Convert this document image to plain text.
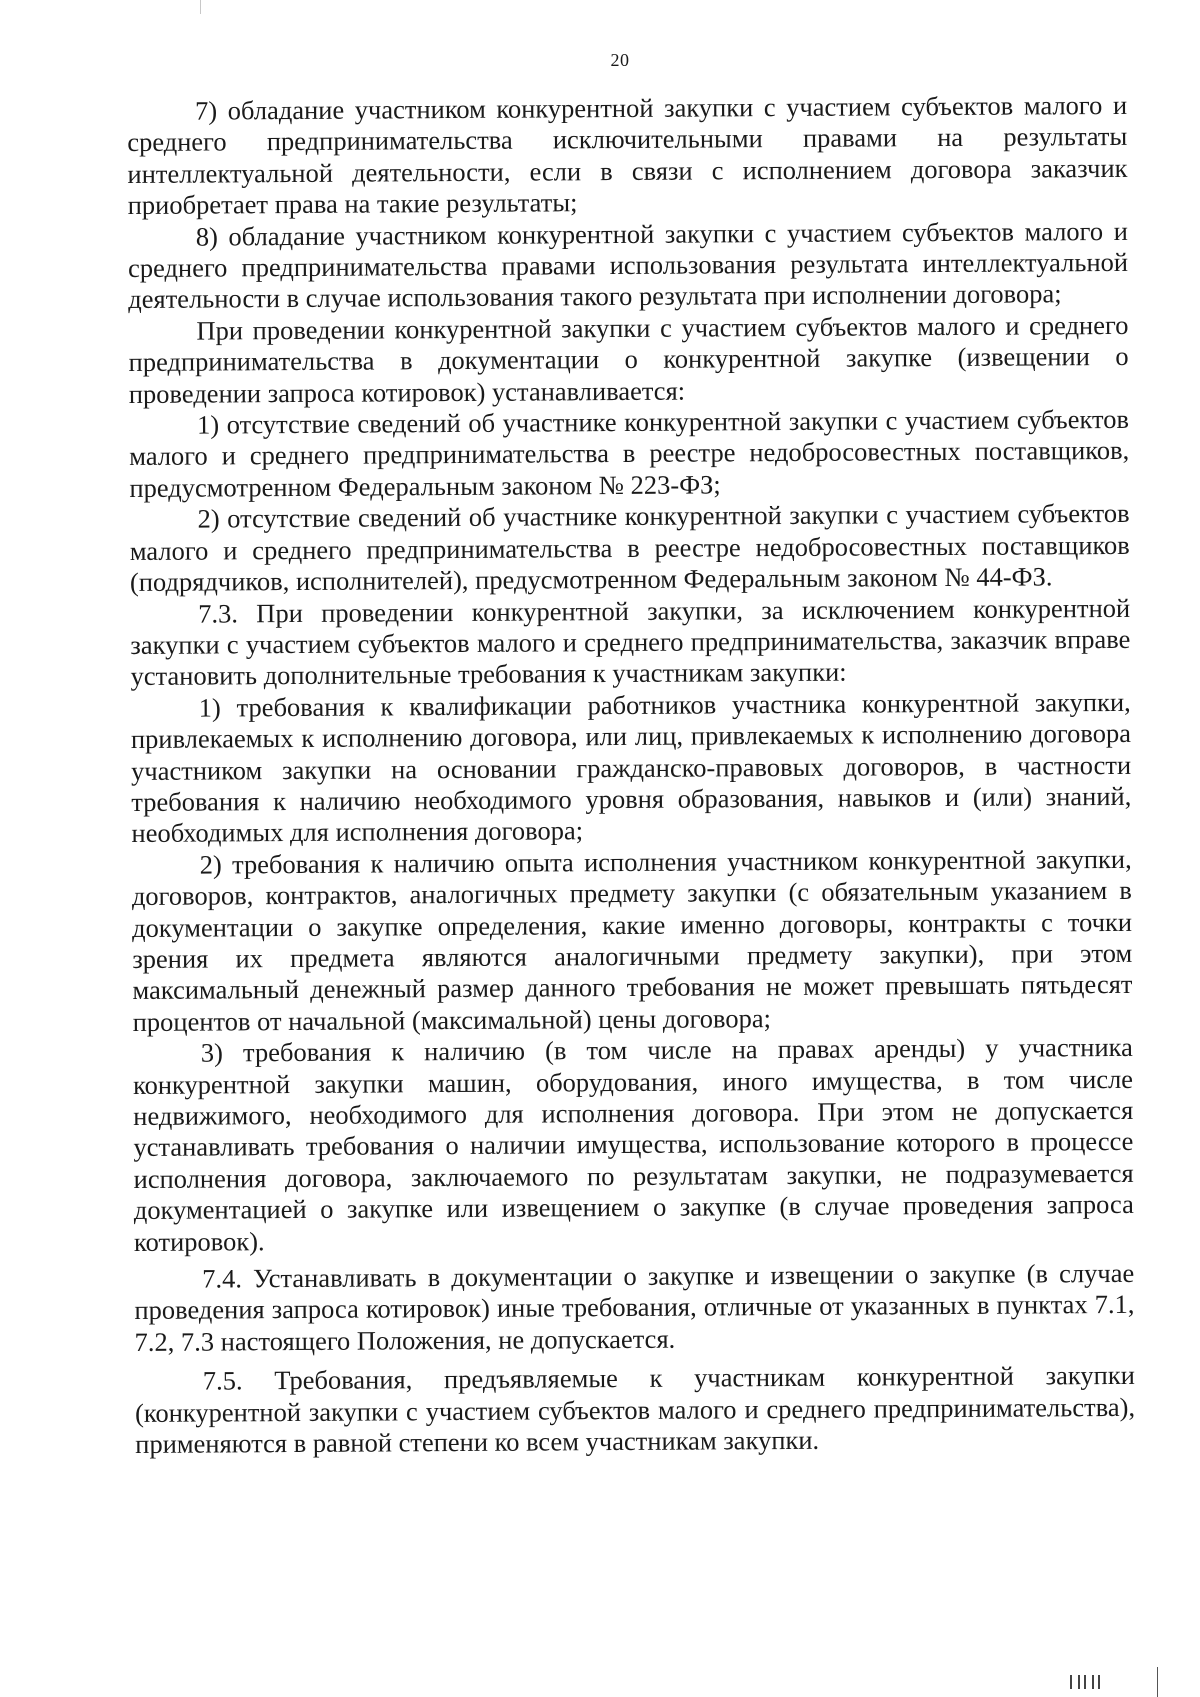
20

7) обладание участником конкурентной закупки с участием субъектов малого и среднего предпринимательства исключительными правами на результаты интеллектуальной деятельности, если в связи с исполнением договора заказчик приобретает права на такие результаты;

8) обладание участником конкурентной закупки с участием субъектов малого и среднего предпринимательства правами использования результата интеллектуальной деятельности в случае использования такого результата при исполнении договора;

При проведении конкурентной закупки с участием субъектов малого и среднего предпринимательства в документации о конкурентной закупке (извещении о проведении запроса котировок) устанавливается:

1) отсутствие сведений об участнике конкурентной закупки с участием субъектов малого и среднего предпринимательства в реестре недобросовестных поставщиков, предусмотренном Федеральным законом № 223-ФЗ;

2) отсутствие сведений об участнике конкурентной закупки с участием субъектов малого и среднего предпринимательства в реестре недобросовестных поставщиков (подрядчиков, исполнителей), предусмотренном Федеральным законом № 44-ФЗ.

7.3. При проведении конкурентной закупки, за исключением конкурентной закупки с участием субъектов малого и среднего предпринимательства, заказчик вправе установить дополнительные требования к участникам закупки:

1) требования к квалификации работников участника конкурентной закупки, привлекаемых к исполнению договора, или лиц, привлекаемых к исполнению договора участником закупки на основании гражданско-правовых договоров, в частности требования к наличию необходимого уровня образования, навыков и (или) знаний, необходимых для исполнения договора;

2) требования к наличию опыта исполнения участником конкурентной закупки, договоров, контрактов, аналогичных предмету закупки (с обязательным указанием в документации о закупке определения, какие именно договоры, контракты с точки зрения их предмета являются аналогичными предмету закупки), при этом максимальный денежный размер данного требования не может превышать пятьдесят процентов от начальной (максимальной) цены договора;

3) требования к наличию (в том числе на правах аренды) у участника конкурентной закупки машин, оборудования, иного имущества, в том числе недвижимого, необходимого для исполнения договора. При этом не допускается устанавливать требования о наличии имущества, использование которого в процессе исполнения договора, заключаемого по результатам закупки, не подразумевается документацией о закупке или извещением о закупке (в случае проведения запроса котировок).

7.4. Устанавливать в документации о закупке и извещении о закупке (в случае проведения запроса котировок) иные требования, отличные от указанных в пунктах 7.1, 7.2, 7.3 настоящего Положения, не допускается.

7.5. Требования, предъявляемые к участникам конкурентной закупки (конкурентной закупки с участием субъектов малого и среднего предпринимательства), применяются в равной степени ко всем участникам закупки.
